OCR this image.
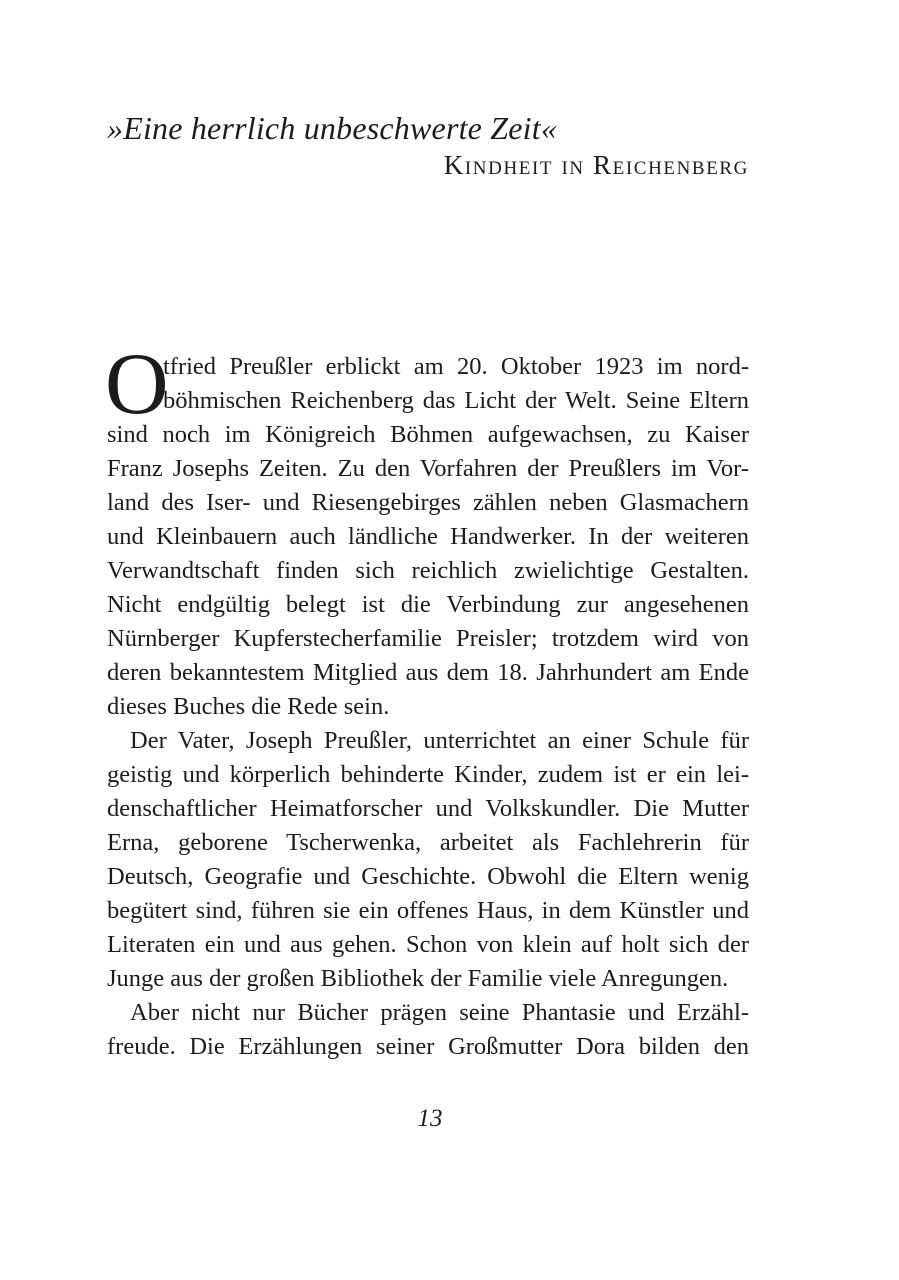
»Eine herrlich unbeschwerte Zeit«
Kindheit in Reichenberg
O
tfried Preußler erblickt am 20. Oktober 1923 im nord-
böhmischen Reichenberg das Licht der Welt. Seine Eltern
sind noch im Königreich Böhmen aufgewachsen, zu Kaiser
Franz Josephs Zeiten. Zu den Vorfahren der Preußlers im Vor-
land des Iser- und Riesengebirges zählen neben Glasmachern
und Kleinbauern auch ländliche Handwerker. In der weiteren
Verwandtschaft finden sich reichlich zwielichtige Gestalten.
Nicht endgültig belegt ist die Verbindung zur angesehenen
Nürnberger Kupferstecherfamilie Preisler; trotzdem wird von
deren bekanntestem Mitglied aus dem 18. Jahrhundert am Ende
dieses Buches die Rede sein.
Der Vater, Joseph Preußler, unterrichtet an einer Schule für
geistig und körperlich behinderte Kinder, zudem ist er ein lei-
denschaftlicher Heimatforscher und Volkskundler. Die Mutter
Erna, geborene Tscherwenka, arbeitet als Fachlehrerin für
Deutsch, Geografie und Geschichte. Obwohl die Eltern wenig
begütert sind, führen sie ein offenes Haus, in dem Künstler und
Literaten ein und aus gehen. Schon von klein auf holt sich der
Junge aus der großen Bibliothek der Familie viele Anregungen.
Aber nicht nur Bücher prägen seine Phantasie und Erzähl-
freude. Die Erzählungen seiner Großmutter Dora bilden den
13
